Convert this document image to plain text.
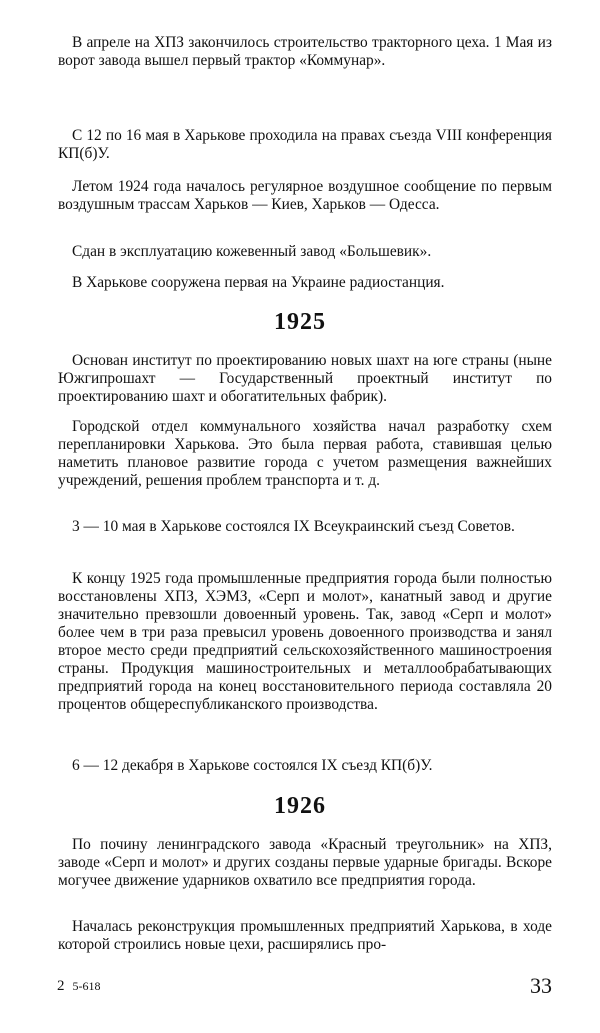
В апреле на ХПЗ закончилось строительство тракторного цеха. 1 Мая из ворот завода вышел первый трактор «Коммунар».

С 12 по 16 мая в Харькове проходила на правах съезда VIII конференция КП(б)У.

Летом 1924 года началось регулярное воздушное сообщение по первым воздушным трассам Харьков — Киев, Харьков — Одесса.

Сдан в эксплуатацию кожевенный завод «Большевик».

В Харькове сооружена первая на Украине радиостанция.

1925

Основан институт по проектированию новых шахт на юге страны (ныне Южгипрошахт — Государственный проектный институт по проектированию шахт и обогатительных фабрик).

Городской отдел коммунального хозяйства начал разработку схем перепланировки Харькова. Это была первая работа, ставившая целью наметить плановое развитие города с учетом размещения важнейших учреждений, решения проблем транспорта и т. д.

3 — 10 мая в Харькове состоялся IX Всеукраинский съезд Советов.

К концу 1925 года промышленные предприятия города были полностью восстановлены ХПЗ, ХЭМЗ, «Серп и молот», канатный завод и другие значительно превзошли довоенный уровень. Так, завод «Серп и молот» более чем в три раза превысил уровень довоенного производства и занял второе место среди предприятий сельскохозяйственного машиностроения страны. Продукция машиностроительных и металлообрабатывающих предприятий города на конец восстановительного периода составляла 20 процентов общереспубликанского производства.

6 — 12 декабря в Харькове состоялся IX съезд КП(б)У.

1926

По почину ленинградского завода «Красный треугольник» на ХПЗ, заводе «Серп и молот» и других созданы первые ударные бригады. Вскоре могучее движение ударников охватило все предприятия города.

Началась реконструкция промышленных предприятий Харькова, в ходе которой строились новые цехи, расширялись про-

2 5-618	33
